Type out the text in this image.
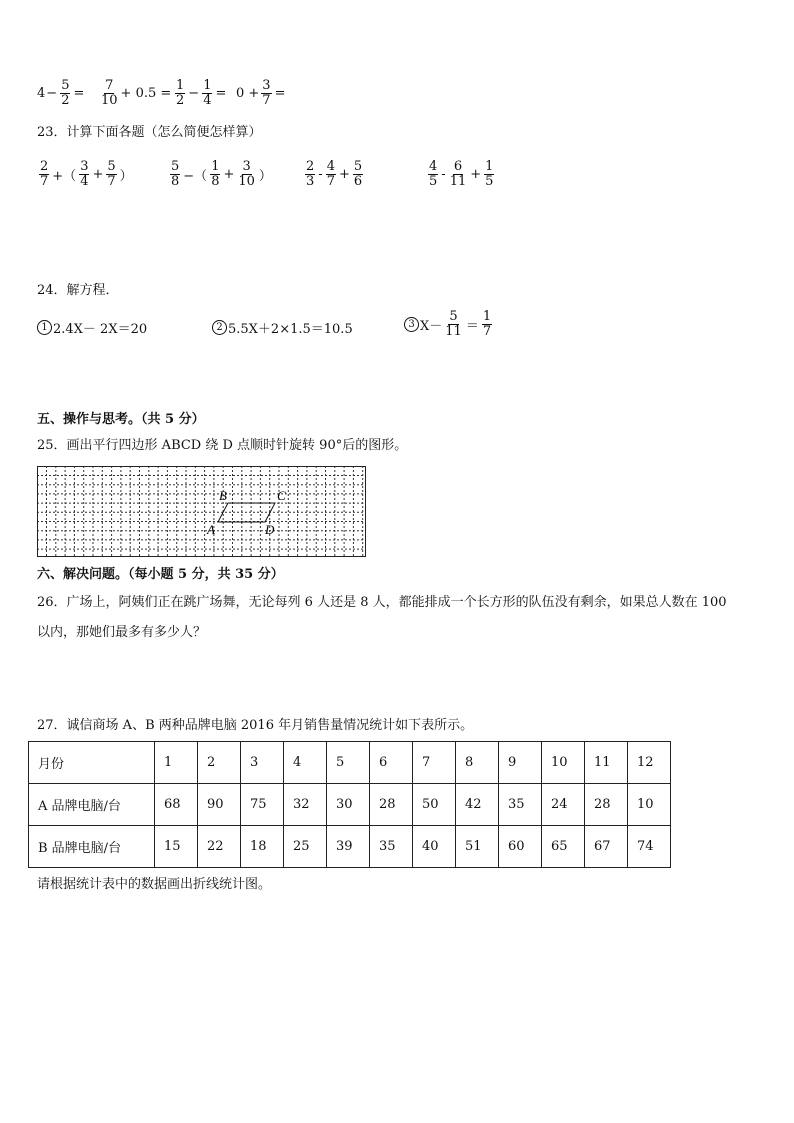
$4 - \frac{5}{2} = \frac{7}{10} + 0.5 = \frac{1}{2} - \frac{1}{4} = 0 + \frac{3}{7}$ =
23．计算下面各题（怎么简便怎样算）
$\frac{2}{7}$ +（ $\frac{3}{4} + \frac{5}{7}$ ）	$\frac{5}{8}$ −（ $\frac{1}{8} + \frac{3}{10}$ ）	$\frac{2}{3} - \frac{4}{7} + \frac{5}{6}$	$\frac{4}{5} - \frac{6}{11} + \frac{1}{5}$
24．解方程．
1 2.4X－ 2X＝20	2 5.5X＋2×1.5＝10.5	3 $X- \frac{5}{11} = \frac{1}{7}$
五、操作与思考。（共 5 分）
25．画出平行四边形 ABCD 绕 D 点顺时针旋转 90°后的图形。
A
B	C
D
六、解决问题。（每小题 5 分，共 35 分）
26．广场上，阿姨们正在跳广场舞，无论每列 6 人还是 8 人，都能排成一个长方形的队伍没有剩余，如果总人数在 100
以内，那她们最多有多少人？
27．诚信商场 A、B 两种品牌电脑 2016 年月销售量情况统计如下表所示。
月份	1	2	3	4	5	6	7	8	9	10	11	12
A 品牌电脑/台	68	90	75	32	30	28	50	42	35	24	28	10
B 品牌电脑/台	15	22	18	25	39	35	40	51	60	65	67	74
请根据统计表中的数据画出折线统计图。
